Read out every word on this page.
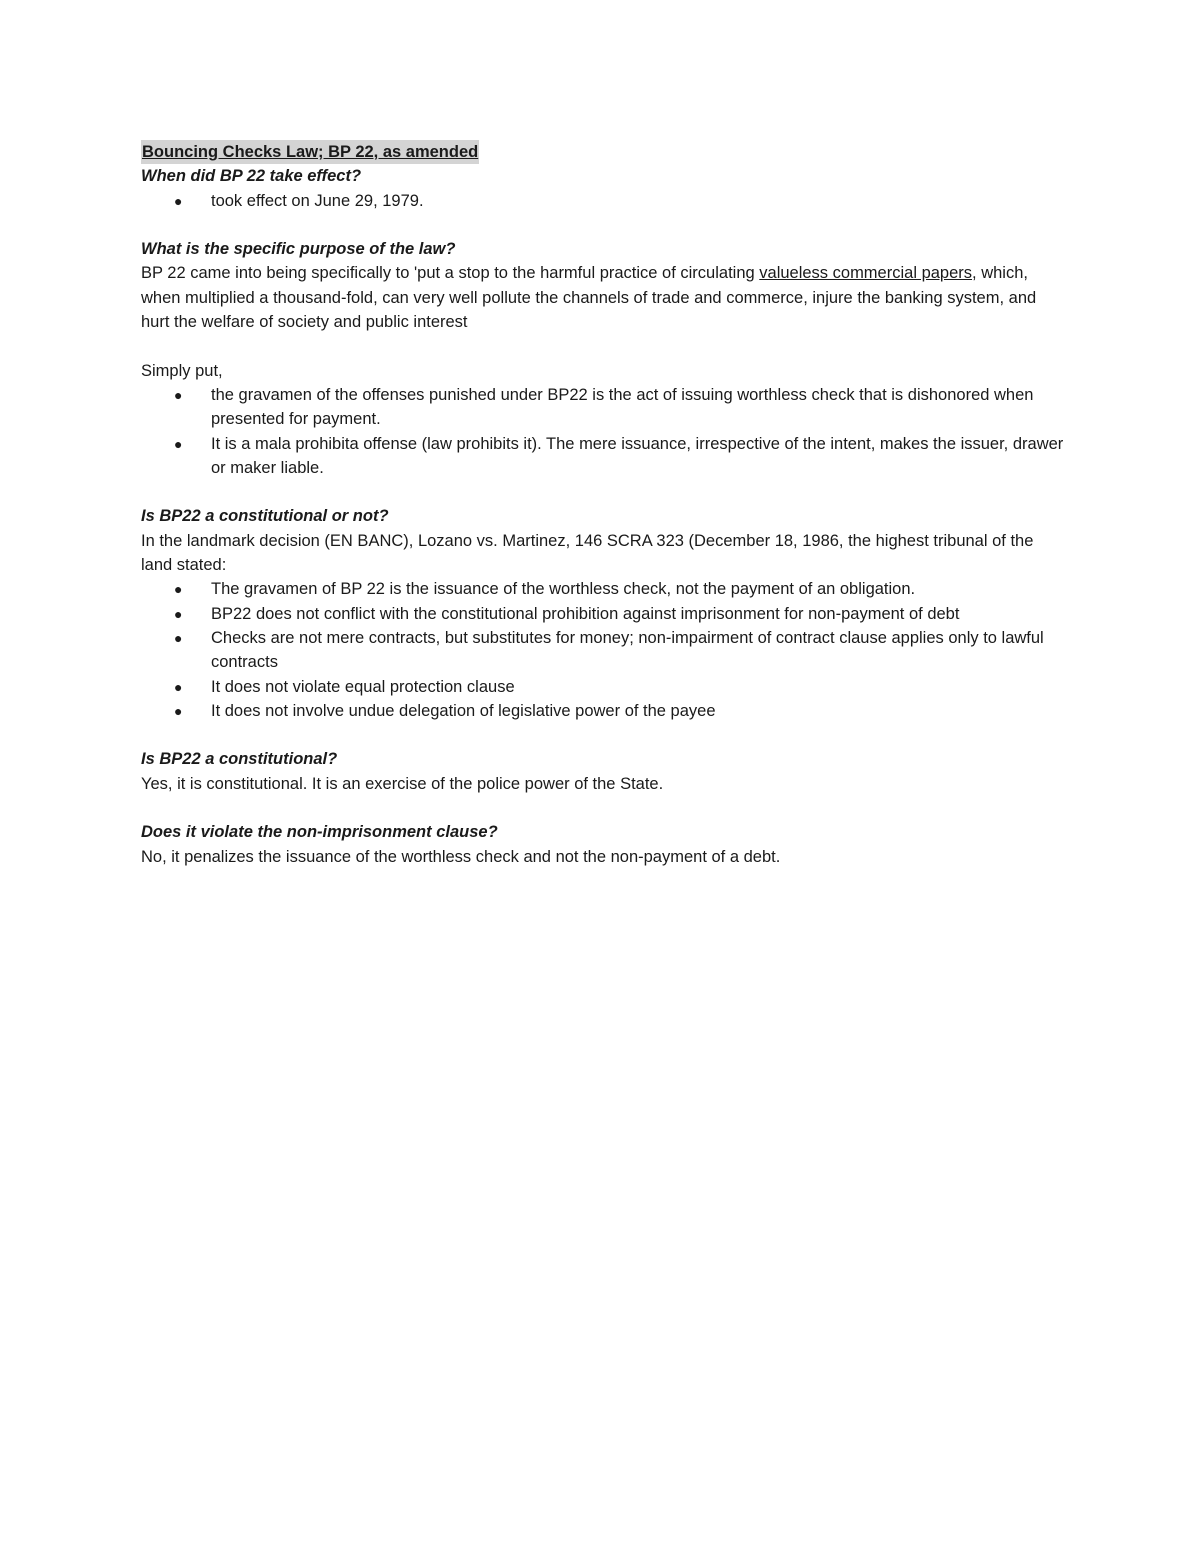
Bouncing Checks Law; BP 22, as amended

When did BP 22 take effect?

● took effect on June 29, 1979.

What is the specific purpose of the law?

BP 22 came into being specifically to 'put a stop to the harmful practice of circulating valueless commercial papers, which, when multiplied a thousand-fold, can very well pollute the channels of trade and commerce, injure the banking system, and hurt the welfare of society and public interest

Simply put,

● the gravamen of the offenses punished under BP22 is the act of issuing worthless check that is dishonored when presented for payment.
● It is a mala prohibita offense (law prohibits it). The mere issuance, irrespective of the intent, makes the issuer, drawer or maker liable.

Is BP22 a constitutional or not?

In the landmark decision (EN BANC), Lozano vs. Martinez, 146 SCRA 323 (December 18, 1986, the highest tribunal of the land stated:

● The gravamen of BP 22 is the issuance of the worthless check, not the payment of an obligation.
● BP22 does not conflict with the constitutional prohibition against imprisonment for non-payment of debt
● Checks are not mere contracts, but substitutes for money; non-impairment of contract clause applies only to lawful contracts
● It does not violate equal protection clause
● It does not involve undue delegation of legislative power of the payee

Is BP22 a constitutional?

Yes, it is constitutional. It is an exercise of the police power of the State.

Does it violate the non-imprisonment clause?

No, it penalizes the issuance of the worthless check and not the non-payment of a debt.
